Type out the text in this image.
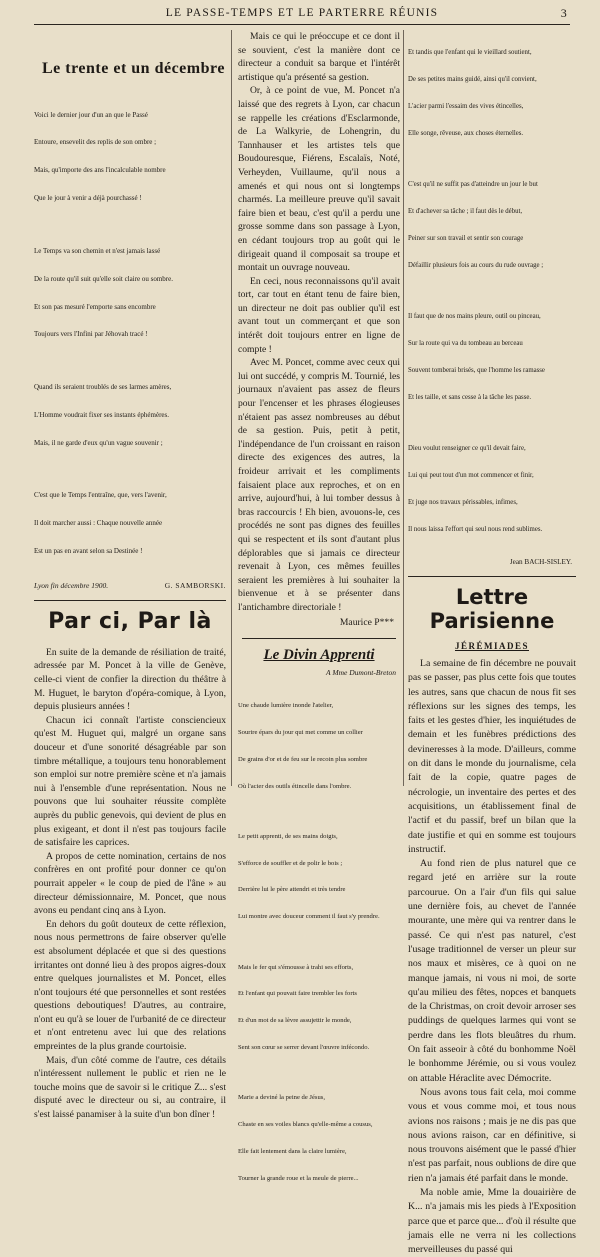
LE PASSE-TEMPS ET LE PARTERRE RÉUNIS	3
Le trente et un décembre

Voici le dernier jour d'un an que le Passé

Entoure, ensevelit des replis de son ombre ;

Mais, qu'importe des ans l'incalculable nombre

Que le jour à venir a déjà pourchassé !

Le Temps va son chemin et n'est jamais lassé

De la route qu'il suit qu'elle soit claire ou sombre.

Et son pas mesuré l'emporte sans encombre

Toujours vers l'Infini par Jéhovah tracé !

Quand ils seraient troublés de ses larmes amères,

L'Homme voudrait fixer ses instants éphémères.

Mais, il ne garde d'eux qu'un vague souvenir ;

C'est que le Temps l'entraîne, que, vers l'avenir,

Il doit marcher aussi : Chaque nouvelle année

Est un pas en avant selon sa Destinée !

Lyon fin décembre 1900.	G. SAMBORSKI.
Par ci, Par là

En suite de la demande de résiliation de traité, adressée par M. Poncet à la ville de Genève, celle-ci vient de confier la direction du théâtre à M. Huguet, le baryton d'opéra-comique, à Lyon, depuis plusieurs années !

Chacun ici connaît l'artiste consciencieux qu'est M. Huguet qui, malgré un organe sans douceur et d'une sonorité désagréable par son timbre métallique, a toujours tenu honorablement son emploi sur notre première scène et n'a jamais nui à l'ensemble d'une représentation. Nous ne pouvons que lui souhaiter réussite complète auprès du public genevois, qui devient de plus en plus exigeant, et dont il n'est pas toujours facile de satisfaire les caprices.

A propos de cette nomination, certains de nos confrères en ont profité pour donner ce qu'on pourrait appeler « le coup de pied de l'âne » au directeur démissionnaire, M. Poncet, que nous avons eu pendant cinq ans à Lyon.

En dehors du goût douteux de cette réflexion, nous nous permettrons de faire observer qu'elle est absolument déplacée et que si des questions irritantes ont donné lieu à des propos aigres-doux entre quelques journalistes et M. Poncet, elles n'ont toujours été que personnelles et sont restées questions deboutiques! D'autres, au contraire, n'ont eu qu'à se louer de l'urbanité de ce directeur et n'ont entretenu avec lui que des relations empreintes de la plus grande courtoisie.

Mais, d'un côté comme de l'autre, ces détails n'intéressent nullement le public et rien ne le touche moins que de savoir si le critique Z... s'est disputé avec le directeur ou si, au contraire, il s'est laissé panamiser à la suite d'un bon dîner !

Mais ce qui le préoccupe et ce dont il se souvient, c'est la manière dont ce directeur a conduit sa barque et l'intérêt artistique qu'a présenté sa gestion.

Or, à ce point de vue, M. Poncet n'a laissé que des regrets à Lyon, car chacun se rappelle les créations d'Esclarmonde, de La Walkyrie, de Lohengrin, du Tannhauser et les artistes tels que Boudouresque, Fiérens, Escalaïs, Noté, Verheyden, Vuillaume, qu'il nous a amenés et qui nous ont si longtemps charmés. La meilleure preuve qu'il savait faire bien et beau, c'est qu'il a perdu une grosse somme dans son passage à Lyon, en cédant toujours trop au goût qui le dirigeait quand il composait sa troupe et montait un ouvrage nouveau.

En ceci, nous reconnaissons qu'il avait tort, car tout en étant tenu de faire bien, un directeur ne doit pas oublier qu'il est avant tout un commerçant et que son intérêt doit toujours entrer en ligne de compte !

Avec M. Poncet, comme avec ceux qui lui ont succédé, y compris M. Tournié, les journaux n'avaient pas assez de fleurs pour l'encenser et les phrases élogieuses n'étaient pas assez nombreuses au début de sa gestion. Puis, petit à petit, l'indépendance de l'un croissant en raison directe des exigences des autres, la froideur arrivait et les compliments faisaient place aux reproches, et on en arrive, aujourd'hui, à lui tomber dessus à bras raccourcis ! Eh bien, avouons-le, ces procédés ne sont pas dignes des feuilles qui se respectent et ils sont d'autant plus déplorables que si jamais ce directeur revenait à Lyon, ces mêmes feuilles seraient les premières à lui souhaiter la bienvenue et à se présenter dans l'antichambre directoriale !

Maurice P***
Le Divin Apprenti
A Mme Dumont-Breton

Une chaude lumière inonde l'atelier,

Sourire épars du jour qui met comme un collier

De grains d'or et de feu sur le recoin plus sombre

Où l'acier des outils étincelle dans l'ombre.

Le petit apprenti, de ses mains doigts,

S'efforce de souffler et de polir le bois ;

Derrière lui le père attendri et très tendre

Lui montre avec douceur comment il faut s'y prendre.

Mais le fer qui s'émousse à trahi ses efforts,

Et l'enfant qui pouvait faire trembler les forts

Et d'un mot de sa lèvre assujettir le monde,

Sent son cœur se serrer devant l'œuvre infécondo.

Marie a deviné la peine de Jésus,

Chaste en ses voiles blancs qu'elle-même a cousus,

Elle fait lentement dans la claire lumière,

Tourner la grande roue et la meule de pierre...

Et tandis que l'enfant qui le vieillard soutient,

De ses petites mains guidé, ainsi qu'il convient,

L'acier parmi l'essaim des vives étincelles,

Elle songe, rêveuse, aux choses éternelles.

C'est qu'il ne suffit pas d'atteindre un jour le but

Et d'achever sa tâche ; il faut dès le début,

Peiner sur son travail et sentir son courage

Défaillir plusieurs fois au cours du rude ouvrage ;

Il faut que de nos mains pleure, outil ou pinceau,

Sur la route qui va du tombeau au berceau

Souvent tomberai brisés, que l'homme les ramasse

Et les taille, et sans cesse à la tâche les passe.

Dieu voulut renseigner ce qu'il devait faire,

Lui qui peut tout d'un mot commencer et finir,

Et juge nos travaux périssables, infimes,

Il nous laissa l'effort qui seul nous rend sublimes.

Jean BACH-SISLEY.
Lettre Parisienne
JÉRÉMIADES

La semaine de fin décembre ne pouvait pas se passer, pas plus cette fois que toutes les autres, sans que chacun de nous fit ses réflexions sur les signes des temps, les faits et les gestes d'hier, les inquiétudes de demain et les funèbres prédictions des devineresses à la mode. D'ailleurs, comme on dit dans le monde du journalisme, cela fait de la copie, quatre pages de nécrologie, un inventaire des pertes et des acquisitions, un établissement final de l'actif et du passif, bref un bilan que la date justifie et qui en somme est toujours instructif.

Au fond rien de plus naturel que ce regard jeté en arrière sur la route parcourue. On a l'air d'un fils qui salue une dernière fois, au chevet de l'année mourante, une mère qui va rentrer dans le passé. Ce qui n'est pas naturel, c'est l'usage traditionnel de verser un pleur sur nos maux et misères, ce à quoi on ne manque jamais, ni vous ni moi, de sorte qu'au milieu des fêtes, nopces et banquets de la Christmas, on croit devoir arroser ses puddings de quelques larmes qui vont se perdre dans les flots bleuâtres du rhum. On fait asseoir à côté du bonhomme Noël le bonhomme Jérémie, ou si vous voulez on attable Héraclite avec Démocrite.

Nous avons tous fait cela, moi comme vous et vous comme moi, et tous nous avions nos raisons ; mais je ne dis pas que nous avions raison, car en définitive, si nous trouvons aisément que le passé d'hier n'est pas parfait, nous oublions de dire que rien n'a jamais été parfait dans le monde.

Ma noble amie, Mme la douairière de K... n'a jamais mis les pieds à l'Exposition parce que et parce que... d'où il résulte que jamais elle ne verra ni les collections merveilleuses du passé qui
